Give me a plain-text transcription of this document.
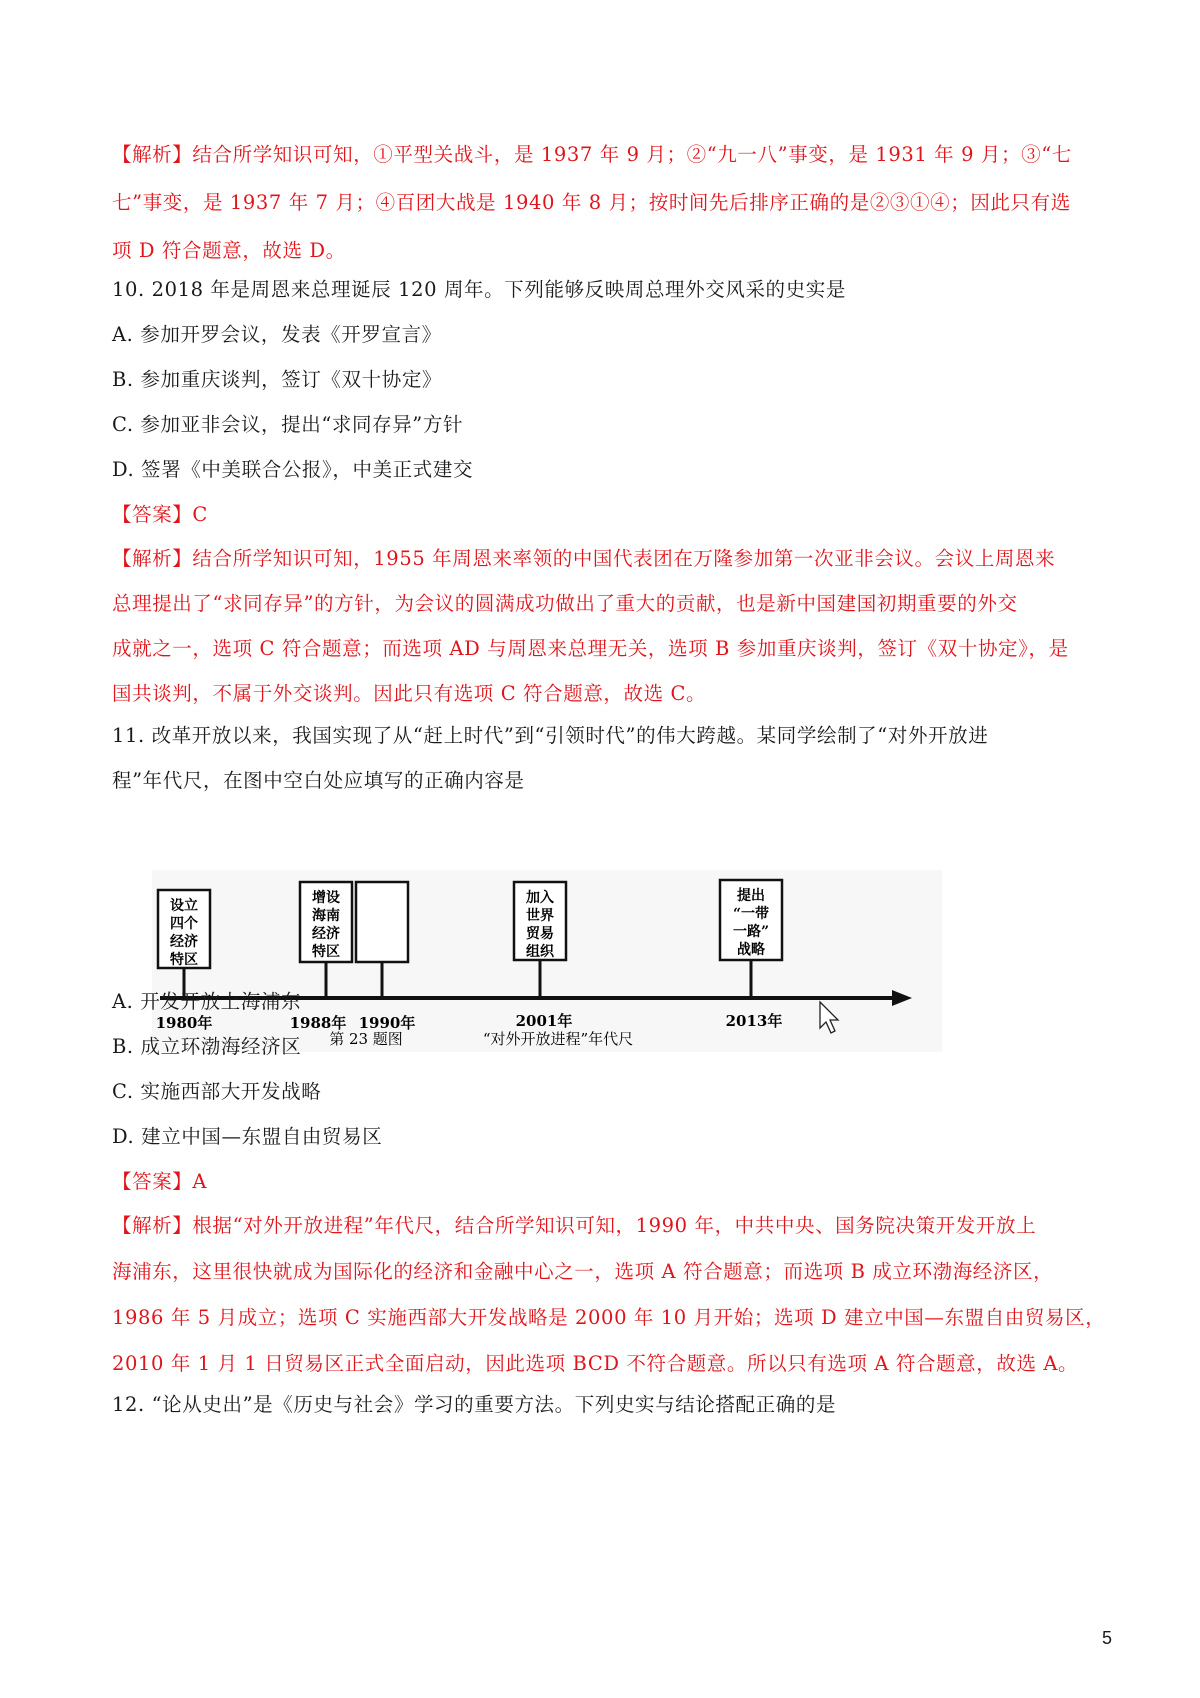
【解析】结合所学知识可知，①平型关战斗，是 1937 年 9 月；②“九一八”事变，是 1931 年 9 月；③“七
七”事变，是 1937 年 7 月；④百团大战是 1940 年 8 月；按时间先后排序正确的是②③①④；因此只有选
项 D 符合题意，故选 D。
10. 2018 年是周恩来总理诞辰 120 周年。下列能够反映周总理外交风采的史实是
A. 参加开罗会议，发表《开罗宣言》
B. 参加重庆谈判，签订《双十协定》
C. 参加亚非会议，提出“求同存异”方针
D. 签署《中美联合公报》，中美正式建交
【答案】C
【解析】结合所学知识可知，1955 年周恩来率领的中国代表团在万隆参加第一次亚非会议。会议上周恩来
总理提出了“求同存异”的方针，为会议的圆满成功做出了重大的贡献，也是新中国建国初期重要的外交
成就之一，选项 C 符合题意；而选项 AD 与周恩来总理无关，选项 B 参加重庆谈判，签订《双十协定》，是
国共谈判，不属于外交谈判。因此只有选项 C 符合题意，故选 C。
11. 改革开放以来，我国实现了从“赶上时代”到“引领时代”的伟大跨越。某同学绘制了“对外开放进
程”年代尺，在图中空白处应填写的正确内容是
设立
四个
经济
特区
增设
海南
经济
特区
加入
世界
贸易
组织
提出
“一带
一路”
战略
1980年	1988年 1990年	2001年	2013年
第 23 题图	“对外开放进程”年代尺
A. 开发开放上海浦东
B. 成立环渤海经济区
C. 实施西部大开发战略
D. 建立中国—东盟自由贸易区
【答案】A
【解析】根据“对外开放进程”年代尺，结合所学知识可知，1990 年，中共中央、国务院决策开发开放上
海浦东，这里很快就成为国际化的经济和金融中心之一，选项 A 符合题意；而选项 B 成立环渤海经济区，
1986 年 5 月成立；选项 C 实施西部大开发战略是 2000 年 10 月开始；选项 D 建立中国—东盟自由贸易区，
2010 年 1 月 1 日贸易区正式全面启动，因此选项 BCD 不符合题意。所以只有选项 A 符合题意，故选 A。
12. “论从史出”是《历史与社会》学习的重要方法。下列史实与结论搭配正确的是
5
